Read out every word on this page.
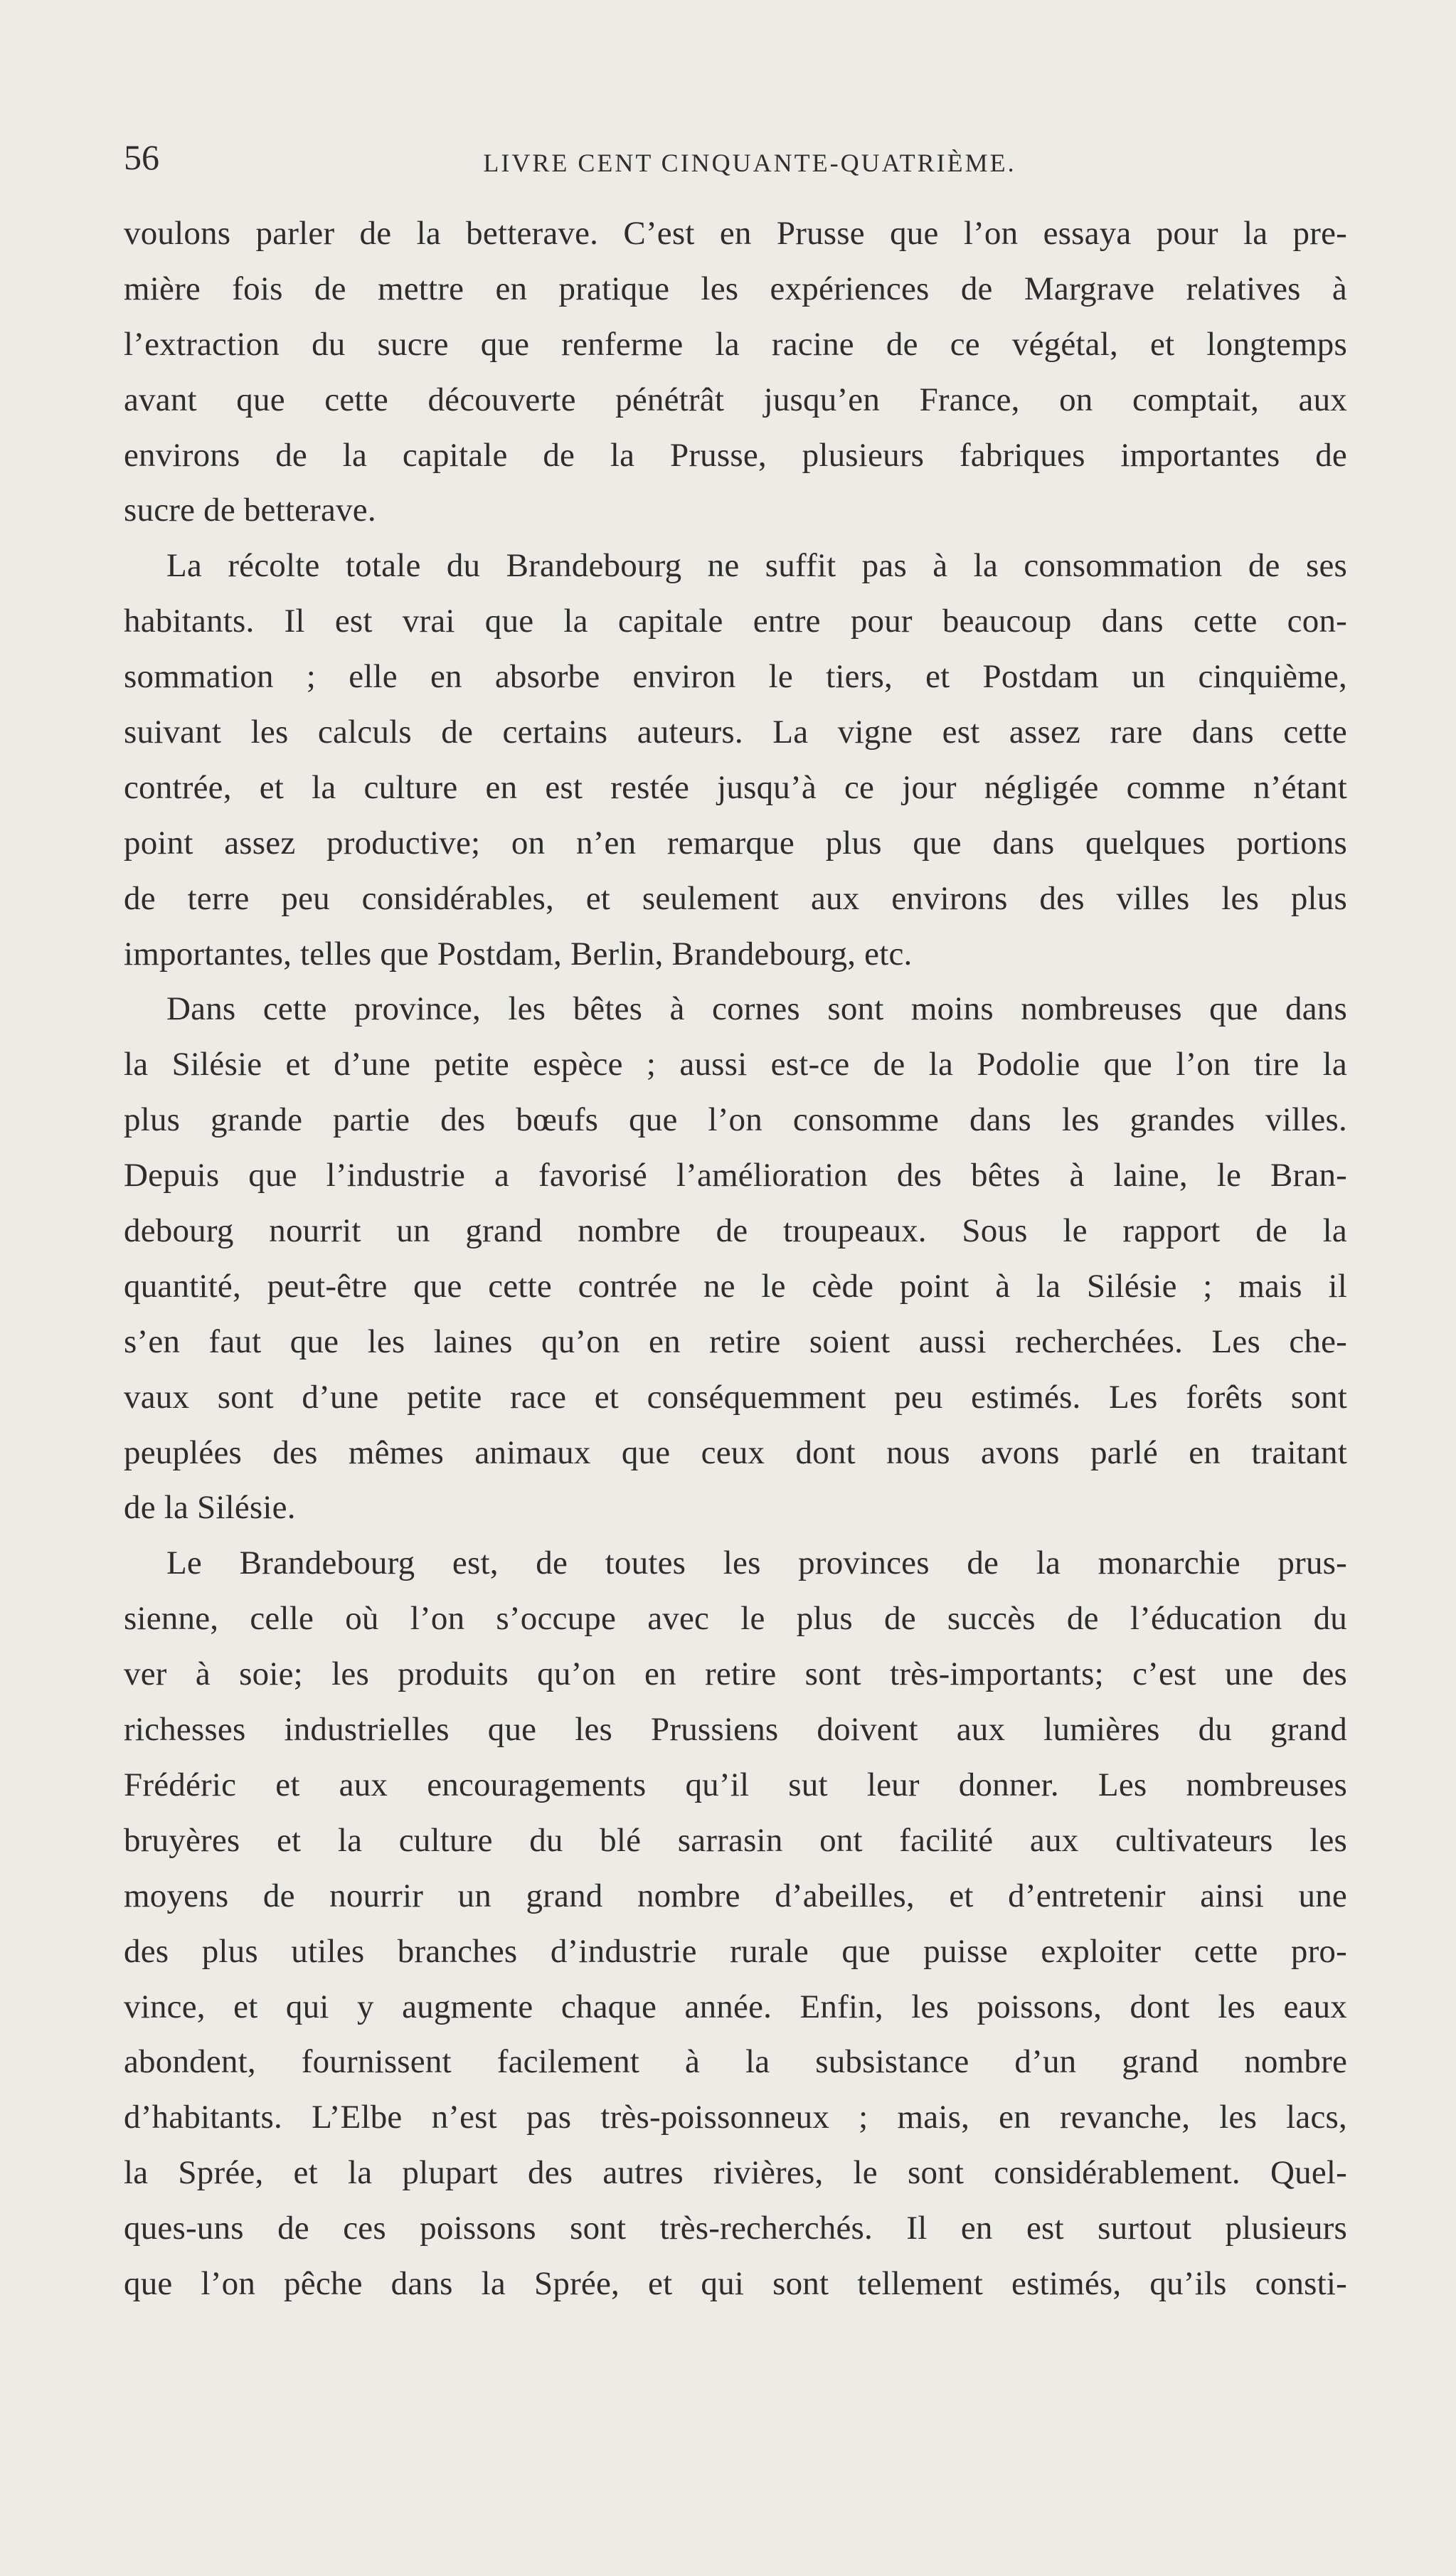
56	LIVRE CENT CINQUANTE-QUATRIÈME.
voulons parler de la betterave. C’est en Prusse que l’on essaya pour la pre-
mière fois de mettre en pratique les expériences de Margrave relatives à
l’extraction du sucre que renferme la racine de ce végétal, et longtemps
avant que cette découverte pénétrât jusqu’en France, on comptait, aux
environs de la capitale de la Prusse, plusieurs fabriques importantes de
sucre de betterave.
La récolte totale du Brandebourg ne suffit pas à la consommation de ses
habitants. Il est vrai que la capitale entre pour beaucoup dans cette con-
sommation ; elle en absorbe environ le tiers, et Postdam un cinquième,
suivant les calculs de certains auteurs. La vigne est assez rare dans cette
contrée, et la culture en est restée jusqu’à ce jour négligée comme n’étant
point assez productive; on n’en remarque plus que dans quelques portions
de terre peu considérables, et seulement aux environs des villes les plus
importantes, telles que Postdam, Berlin, Brandebourg, etc.
Dans cette province, les bêtes à cornes sont moins nombreuses que dans
la Silésie et d’une petite espèce ; aussi est-ce de la Podolie que l’on tire la
plus grande partie des bœufs que l’on consomme dans les grandes villes.
Depuis que l’industrie a favorisé l’amélioration des bêtes à laine, le Bran-
debourg nourrit un grand nombre de troupeaux. Sous le rapport de la
quantité, peut-être que cette contrée ne le cède point à la Silésie ; mais il
s’en faut que les laines qu’on en retire soient aussi recherchées. Les che-
vaux sont d’une petite race et conséquemment peu estimés. Les forêts sont
peuplées des mêmes animaux que ceux dont nous avons parlé en traitant
de la Silésie.
Le Brandebourg est, de toutes les provinces de la monarchie prus-
sienne, celle où l’on s’occupe avec le plus de succès de l’éducation du
ver à soie; les produits qu’on en retire sont très-importants; c’est une des
richesses industrielles que les Prussiens doivent aux lumières du grand
Frédéric et aux encouragements qu’il sut leur donner. Les nombreuses
bruyères et la culture du blé sarrasin ont facilité aux cultivateurs les
moyens de nourrir un grand nombre d’abeilles, et d’entretenir ainsi une
des plus utiles branches d’industrie rurale que puisse exploiter cette pro-
vince, et qui y augmente chaque année. Enfin, les poissons, dont les eaux
abondent, fournissent facilement à la subsistance d’un grand nombre
d’habitants. L’Elbe n’est pas très-poissonneux ; mais, en revanche, les lacs,
la Sprée, et la plupart des autres rivières, le sont considérablement. Quel-
ques-uns de ces poissons sont très-recherchés. Il en est surtout plusieurs
que l’on pêche dans la Sprée, et qui sont tellement estimés, qu’ils consti-
